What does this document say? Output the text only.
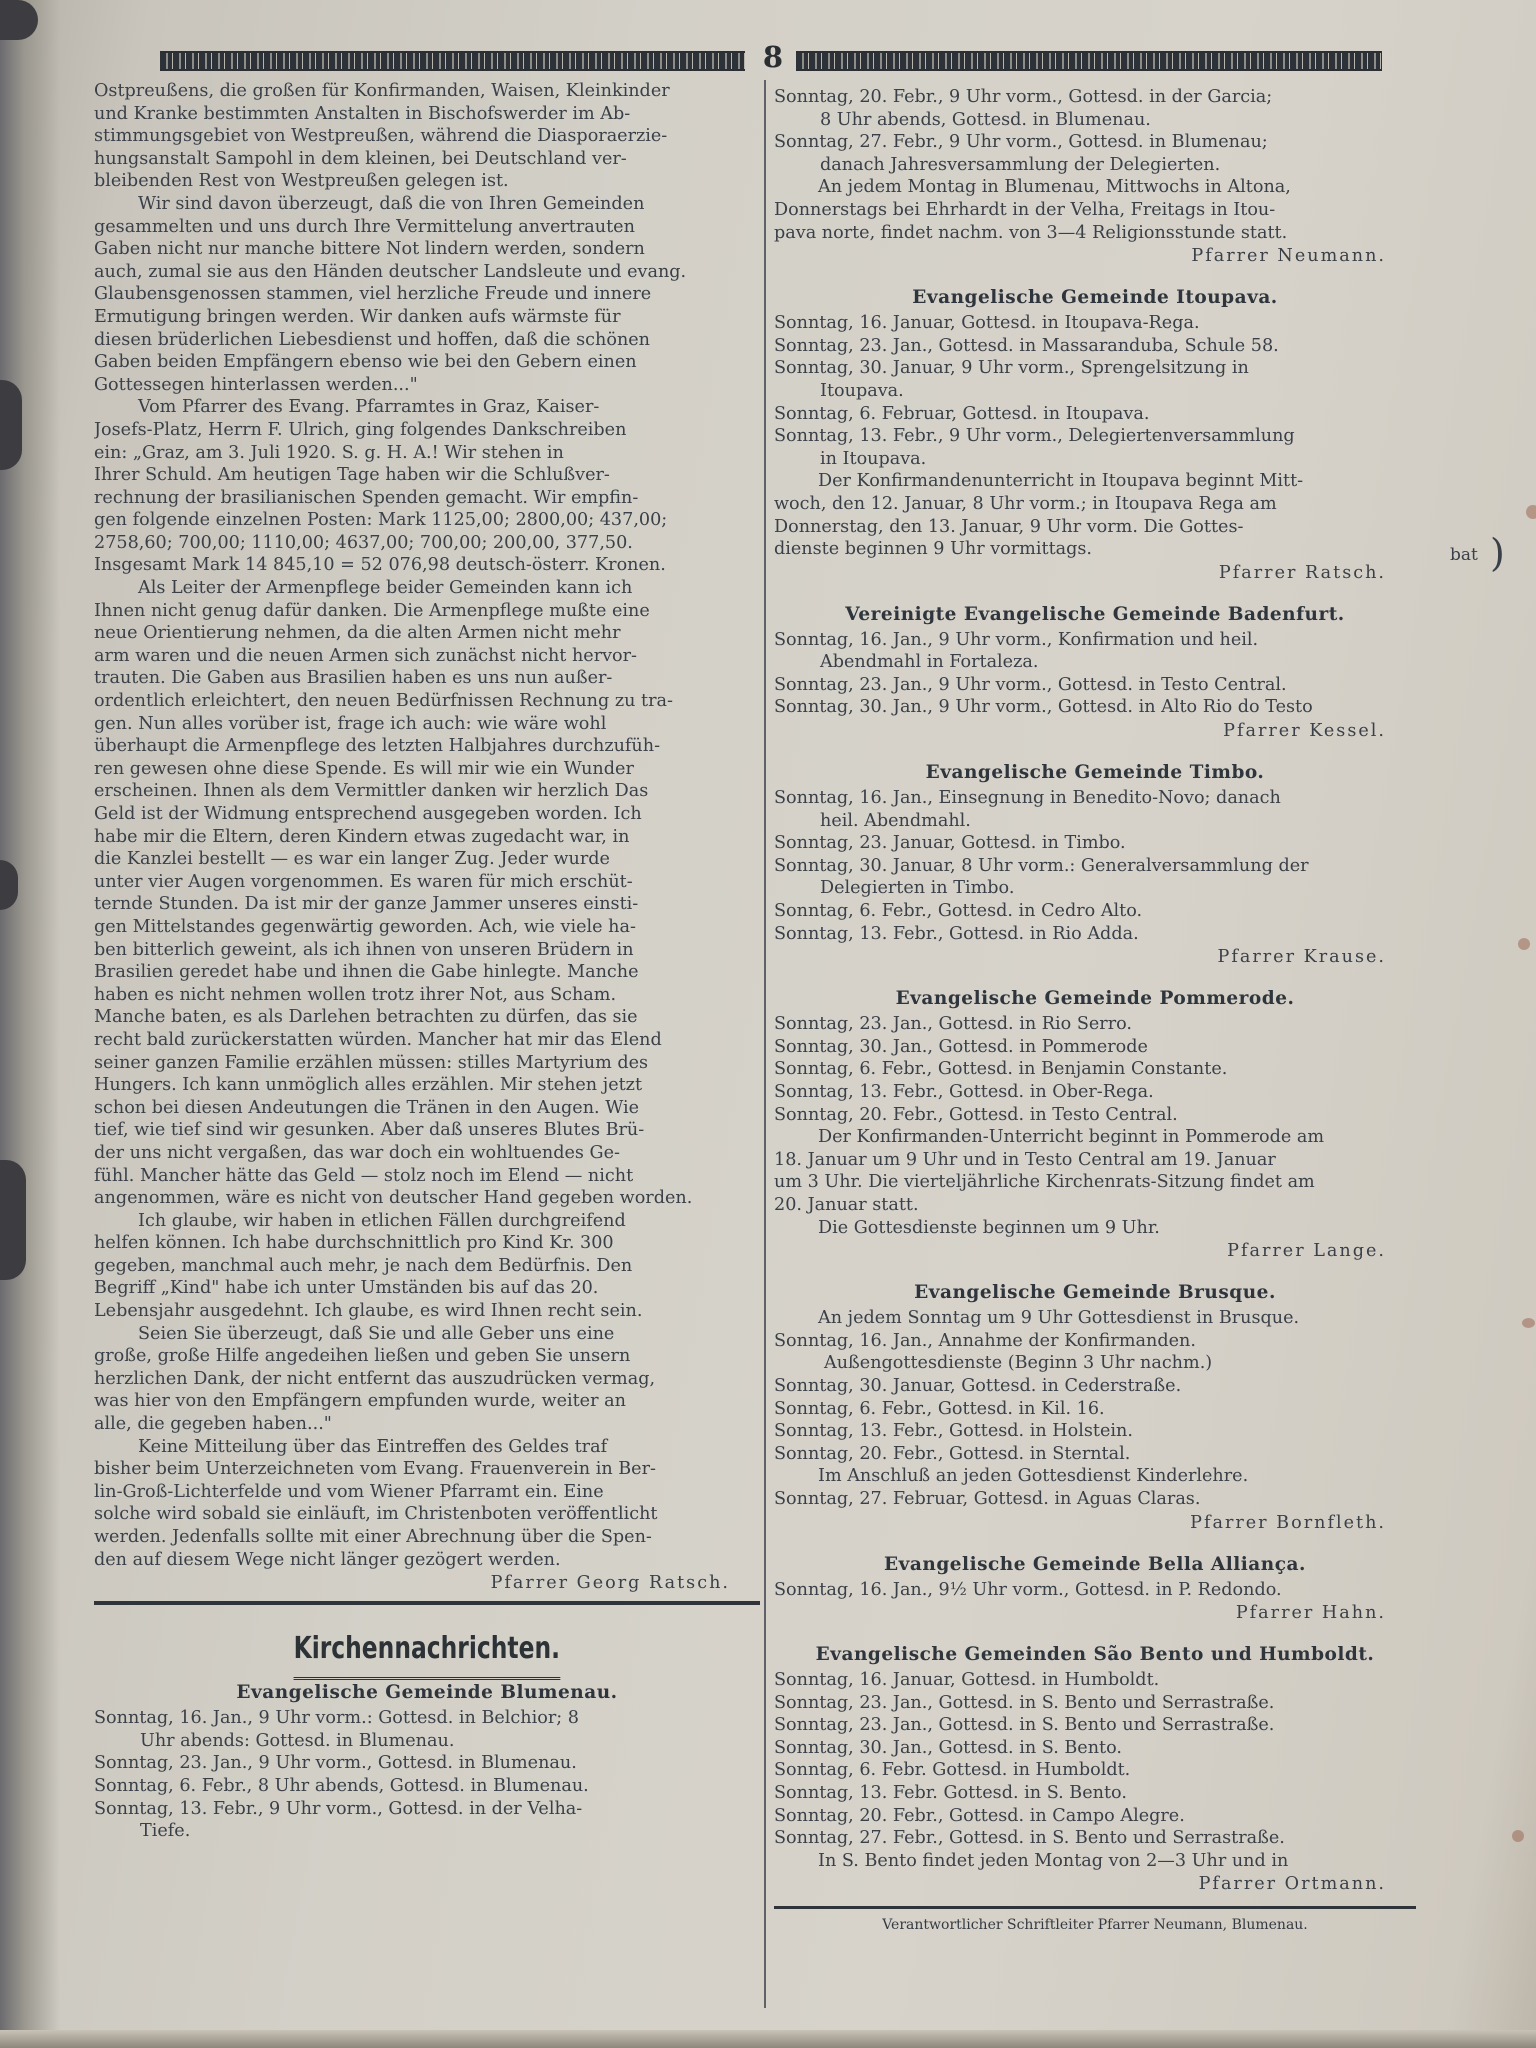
8
bat )
Ostpreußens, die großen für Konfirmanden, Waisen, Kleinkinder
und Kranke bestimmten Anstalten in Bischofswerder im Ab-
stimmungsgebiet von Westpreußen, während die Diasporaerzie-
hungsanstalt Sampohl in dem kleinen, bei Deutschland ver-
bleibenden Rest von Westpreußen gelegen ist.
Wir sind davon überzeugt, daß die von Ihren Gemeinden
gesammelten und uns durch Ihre Vermittelung anvertrauten
Gaben nicht nur manche bittere Not lindern werden, sondern
auch, zumal sie aus den Händen deutscher Landsleute und evang.
Glaubensgenossen stammen, viel herzliche Freude und innere
Ermutigung bringen werden. Wir danken aufs wärmste für
diesen brüderlichen Liebesdienst und hoffen, daß die schönen
Gaben beiden Empfängern ebenso wie bei den Gebern einen
Gottessegen hinterlassen werden..."
Vom Pfarrer des Evang. Pfarramtes in Graz, Kaiser-
Josefs-Platz, Herrn F. Ulrich, ging folgendes Dankschreiben
ein: „Graz, am 3. Juli 1920. S. g. H. A.! Wir stehen in
Ihrer Schuld. Am heutigen Tage haben wir die Schlußver-
rechnung der brasilianischen Spenden gemacht. Wir empfin-
gen folgende einzelnen Posten: Mark 1125,00; 2800,00; 437,00;
2758,60; 700,00; 1110,00; 4637,00; 700,00; 200,00, 377,50.
Insgesamt Mark 14 845,10 = 52 076,98 deutsch-österr. Kronen.
Als Leiter der Armenpflege beider Gemeinden kann ich
Ihnen nicht genug dafür danken. Die Armenpflege mußte eine
neue Orientierung nehmen, da die alten Armen nicht mehr
arm waren und die neuen Armen sich zunächst nicht hervor-
trauten. Die Gaben aus Brasilien haben es uns nun außer-
ordentlich erleichtert, den neuen Bedürfnissen Rechnung zu tra-
gen. Nun alles vorüber ist, frage ich auch: wie wäre wohl
überhaupt die Armenpflege des letzten Halbjahres durchzufüh-
ren gewesen ohne diese Spende. Es will mir wie ein Wunder
erscheinen. Ihnen als dem Vermittler danken wir herzlich Das
Geld ist der Widmung entsprechend ausgegeben worden. Ich
habe mir die Eltern, deren Kindern etwas zugedacht war, in
die Kanzlei bestellt — es war ein langer Zug. Jeder wurde
unter vier Augen vorgenommen. Es waren für mich erschüt-
ternde Stunden. Da ist mir der ganze Jammer unseres einsti-
gen Mittelstandes gegenwärtig geworden. Ach, wie viele ha-
ben bitterlich geweint, als ich ihnen von unseren Brüdern in
Brasilien geredet habe und ihnen die Gabe hinlegte. Manche
haben es nicht nehmen wollen trotz ihrer Not, aus Scham.
Manche baten, es als Darlehen betrachten zu dürfen, das sie
recht bald zurückerstatten würden. Mancher hat mir das Elend
seiner ganzen Familie erzählen müssen: stilles Martyrium des
Hungers. Ich kann unmöglich alles erzählen. Mir stehen jetzt
schon bei diesen Andeutungen die Tränen in den Augen. Wie
tief, wie tief sind wir gesunken. Aber daß unseres Blutes Brü-
der uns nicht vergaßen, das war doch ein wohltuendes Ge-
fühl. Mancher hätte das Geld — stolz noch im Elend — nicht
angenommen, wäre es nicht von deutscher Hand gegeben worden.
Ich glaube, wir haben in etlichen Fällen durchgreifend
helfen können. Ich habe durchschnittlich pro Kind Kr. 300
gegeben, manchmal auch mehr, je nach dem Bedürfnis. Den
Begriff „Kind" habe ich unter Umständen bis auf das 20.
Lebensjahr ausgedehnt. Ich glaube, es wird Ihnen recht sein.
Seien Sie überzeugt, daß Sie und alle Geber uns eine
große, große Hilfe angedeihen ließen und geben Sie unsern
herzlichen Dank, der nicht entfernt das auszudrücken vermag,
was hier von den Empfängern empfunden wurde, weiter an
alle, die gegeben haben..."
Keine Mitteilung über das Eintreffen des Geldes traf
bisher beim Unterzeichneten vom Evang. Frauenverein in Ber-
lin-Groß-Lichterfelde und vom Wiener Pfarramt ein. Eine
solche wird sobald sie einläuft, im Christenboten veröffentlicht
werden. Jedenfalls sollte mit einer Abrechnung über die Spen-
den auf diesem Wege nicht länger gezögert werden.
Pfarrer Georg Ratsch.
Kirchennachrichten.
Evangelische Gemeinde Blumenau.
Sonntag, 16. Jan., 9 Uhr vorm.: Gottesd. in Belchior; 8
Uhr abends: Gottesd. in Blumenau.
Sonntag, 23. Jan., 9 Uhr vorm., Gottesd. in Blumenau.
Sonntag, 6. Febr., 8 Uhr abends, Gottesd. in Blumenau.
Sonntag, 13. Febr., 9 Uhr vorm., Gottesd. in der Velha-
Tiefe.
Sonntag, 20. Febr., 9 Uhr vorm., Gottesd. in der Garcia;
8 Uhr abends, Gottesd. in Blumenau.
Sonntag, 27. Febr., 9 Uhr vorm., Gottesd. in Blumenau;
danach Jahresversammlung der Delegierten.
An jedem Montag in Blumenau, Mittwochs in Altona,
Donnerstags bei Ehrhardt in der Velha, Freitags in Itou-
pava norte, findet nachm. von 3—4 Religionsstunde statt.
Pfarrer Neumann.
Evangelische Gemeinde Itoupava.
Sonntag, 16. Januar, Gottesd. in Itoupava-Rega.
Sonntag, 23. Jan., Gottesd. in Massaranduba, Schule 58.
Sonntag, 30. Januar, 9 Uhr vorm., Sprengelsitzung in
Itoupava.
Sonntag, 6. Februar, Gottesd. in Itoupava.
Sonntag, 13. Febr., 9 Uhr vorm., Delegiertenversammlung
in Itoupava.
Der Konfirmandenunterricht in Itoupava beginnt Mitt-
woch, den 12. Januar, 8 Uhr vorm.; in Itoupava Rega am
Donnerstag, den 13. Januar, 9 Uhr vorm. Die Gottes-
dienste beginnen 9 Uhr vormittags.
Pfarrer Ratsch.
Vereinigte Evangelische Gemeinde Badenfurt.
Sonntag, 16. Jan., 9 Uhr vorm., Konfirmation und heil.
Abendmahl in Fortaleza.
Sonntag, 23. Jan., 9 Uhr vorm., Gottesd. in Testo Central.
Sonntag, 30. Jan., 9 Uhr vorm., Gottesd. in Alto Rio do Testo
Pfarrer Kessel.
Evangelische Gemeinde Timbo.
Sonntag, 16. Jan., Einsegnung in Benedito-Novo; danach
heil. Abendmahl.
Sonntag, 23. Januar, Gottesd. in Timbo.
Sonntag, 30. Januar, 8 Uhr vorm.: Generalversammlung der
Delegierten in Timbo.
Sonntag, 6. Febr., Gottesd. in Cedro Alto.
Sonntag, 13. Febr., Gottesd. in Rio Adda.
Pfarrer Krause.
Evangelische Gemeinde Pommerode.
Sonntag, 23. Jan., Gottesd. in Rio Serro.
Sonntag, 30. Jan., Gottesd. in Pommerode
Sonntag, 6. Febr., Gottesd. in Benjamin Constante.
Sonntag, 13. Febr., Gottesd. in Ober-Rega.
Sonntag, 20. Febr., Gottesd. in Testo Central.
Der Konfirmanden-Unterricht beginnt in Pommerode am
18. Januar um 9 Uhr und in Testo Central am 19. Januar
um 3 Uhr. Die vierteljährliche Kirchenrats-Sitzung findet am
20. Januar statt.
Die Gottesdienste beginnen um 9 Uhr.
Pfarrer Lange.
Evangelische Gemeinde Brusque.
An jedem Sonntag um 9 Uhr Gottesdienst in Brusque.
Sonntag, 16. Jan., Annahme der Konfirmanden.
Außengottesdienste (Beginn 3 Uhr nachm.)
Sonntag, 30. Januar, Gottesd. in Cederstraße.
Sonntag, 6. Febr., Gottesd. in Kil. 16.
Sonntag, 13. Febr., Gottesd. in Holstein.
Sonntag, 20. Febr., Gottesd. in Sterntal.
Im Anschluß an jeden Gottesdienst Kinderlehre.
Sonntag, 27. Februar, Gottesd. in Aguas Claras.
Pfarrer Bornfleth.
Evangelische Gemeinde Bella Alliança.
Sonntag, 16. Jan., 9½ Uhr vorm., Gottesd. in P. Redondo.
Pfarrer Hahn.
Evangelische Gemeinden São Bento und Humboldt.
Sonntag, 16. Januar, Gottesd. in Humboldt.
Sonntag, 23. Jan., Gottesd. in S. Bento und Serrastraße.
Sonntag, 23. Jan., Gottesd. in S. Bento und Serrastraße.
Sonntag, 30. Jan., Gottesd. in S. Bento.
Sonntag, 6. Febr. Gottesd. in Humboldt.
Sonntag, 13. Febr. Gottesd. in S. Bento.
Sonntag, 20. Febr., Gottesd. in Campo Alegre.
Sonntag, 27. Febr., Gottesd. in S. Bento und Serrastraße.
In S. Bento findet jeden Montag von 2—3 Uhr und in
Pfarrer Ortmann.
Verantwortlicher Schriftleiter Pfarrer Neumann, Blumenau.
